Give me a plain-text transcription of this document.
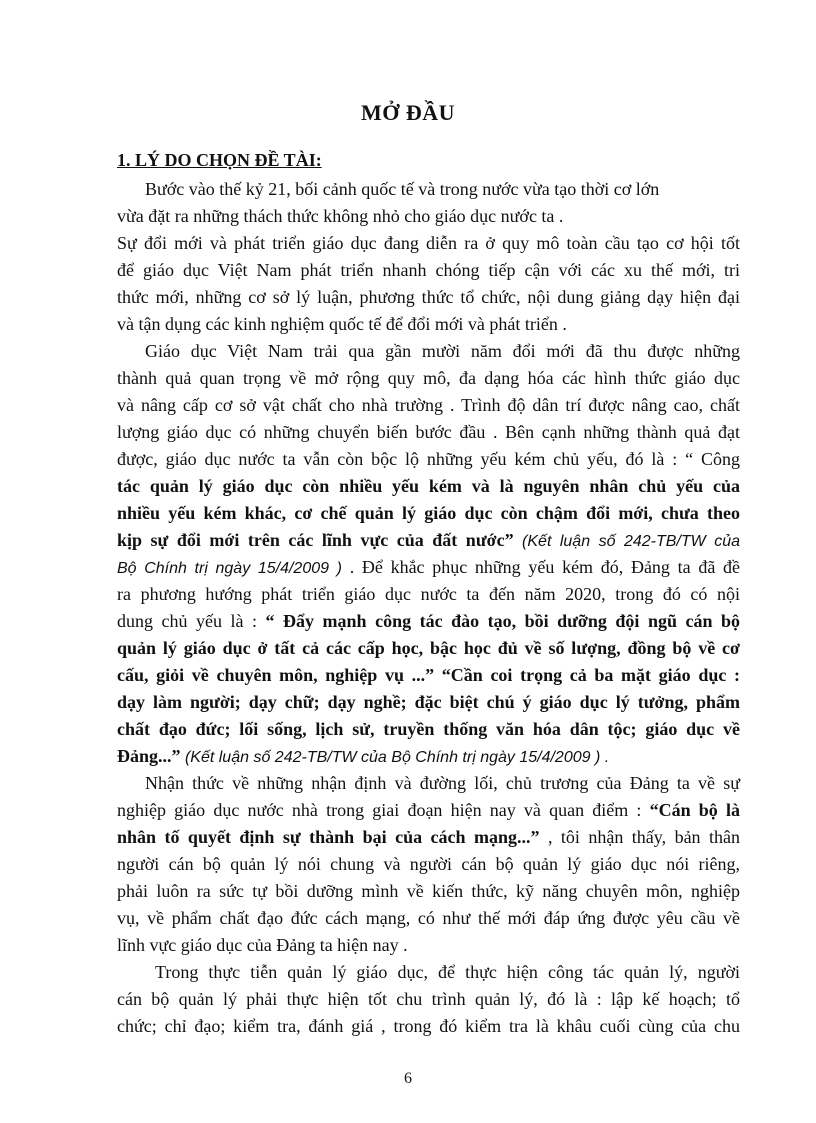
MỞ ĐẦU
1. LÝ DO CHỌN ĐỀ TÀI:
Bước vào thế kỷ 21, bối cảnh quốc tế và trong nước vừa tạo thời cơ lớn
vừa đặt ra những thách thức không nhỏ cho giáo dục nước ta .
Sự đổi mới và phát triển giáo dục đang diễn ra ở quy mô toàn cầu tạo cơ hội tốt
để giáo dục Việt Nam phát triển nhanh chóng tiếp cận với các xu thế mới, tri
thức mới, những cơ sở lý luận, phương thức tổ chức, nội dung giảng dạy hiện đại
và tận dụng các kinh nghiệm quốc tế để đổi mới và phát triển .
Giáo dục Việt Nam trải qua gần mười năm đổi mới đã thu được những
thành quả quan trọng về mở rộng quy mô, đa dạng hóa các hình thức giáo dục
và nâng cấp cơ sở vật chất cho nhà trường . Trình độ dân trí được nâng cao, chất
lượng giáo dục có những chuyển biến bước đầu . Bên cạnh những thành quả đạt
được, giáo dục nước ta vẫn còn bộc lộ những yếu kém chủ yếu, đó là : “ Công
tác quản lý giáo dục còn nhiều yếu kém và là nguyên nhân chủ yếu của
nhiều yếu kém khác, cơ chế quản lý giáo dục còn chậm đổi mới, chưa theo
kịp sự đổi mới trên các lĩnh vực của đất nước” (Kết luận số 242-TB/TW của
Bộ Chính trị ngày 15/4/2009 ) . Để khắc phục những yếu kém đó, Đảng ta đã đề
ra phương hướng phát triển giáo dục nước ta đến năm 2020, trong đó có nội
dung chủ yếu là : “ Đẩy mạnh công tác đào tạo, bồi dưỡng đội ngũ cán bộ
quản lý giáo dục ở tất cả các cấp học, bậc học đủ về số lượng, đồng bộ về cơ
cấu, giỏi về chuyên môn, nghiệp vụ ...” “Cần coi trọng cả ba mặt giáo dục :
dạy làm người; dạy chữ; dạy nghề; đặc biệt chú ý giáo dục lý tưởng, phẩm
chất đạo đức; lối sống, lịch sử, truyền thống văn hóa dân tộc; giáo dục về
Đảng...” (Kết luận số 242-TB/TW của Bộ Chính trị ngày 15/4/2009 ) .
Nhận thức về những nhận định và đường lối, chủ trương của Đảng ta về sự
nghiệp giáo dục nước nhà trong giai đoạn hiện nay và quan điểm : “Cán bộ là
nhân tố quyết định sự thành bại của cách mạng...” , tôi nhận thấy, bản thân
người cán bộ quản lý nói chung và người cán bộ quản lý giáo dục nói riêng,
phải luôn ra sức tự bồi dưỡng mình về kiến thức, kỹ năng chuyên môn, nghiệp
vụ, về phẩm chất đạo đức cách mạng, có như thế mới đáp ứng được yêu cầu về
lĩnh vực giáo dục của Đảng ta hiện nay .
Trong thực tiễn quản lý giáo dục, để thực hiện công tác quản lý, người
cán bộ quản lý phải thực hiện tốt chu trình quản lý, đó là : lập kế hoạch; tổ
chức; chỉ đạo; kiểm tra, đánh giá , trong đó kiểm tra là khâu cuối cùng của chu
6
